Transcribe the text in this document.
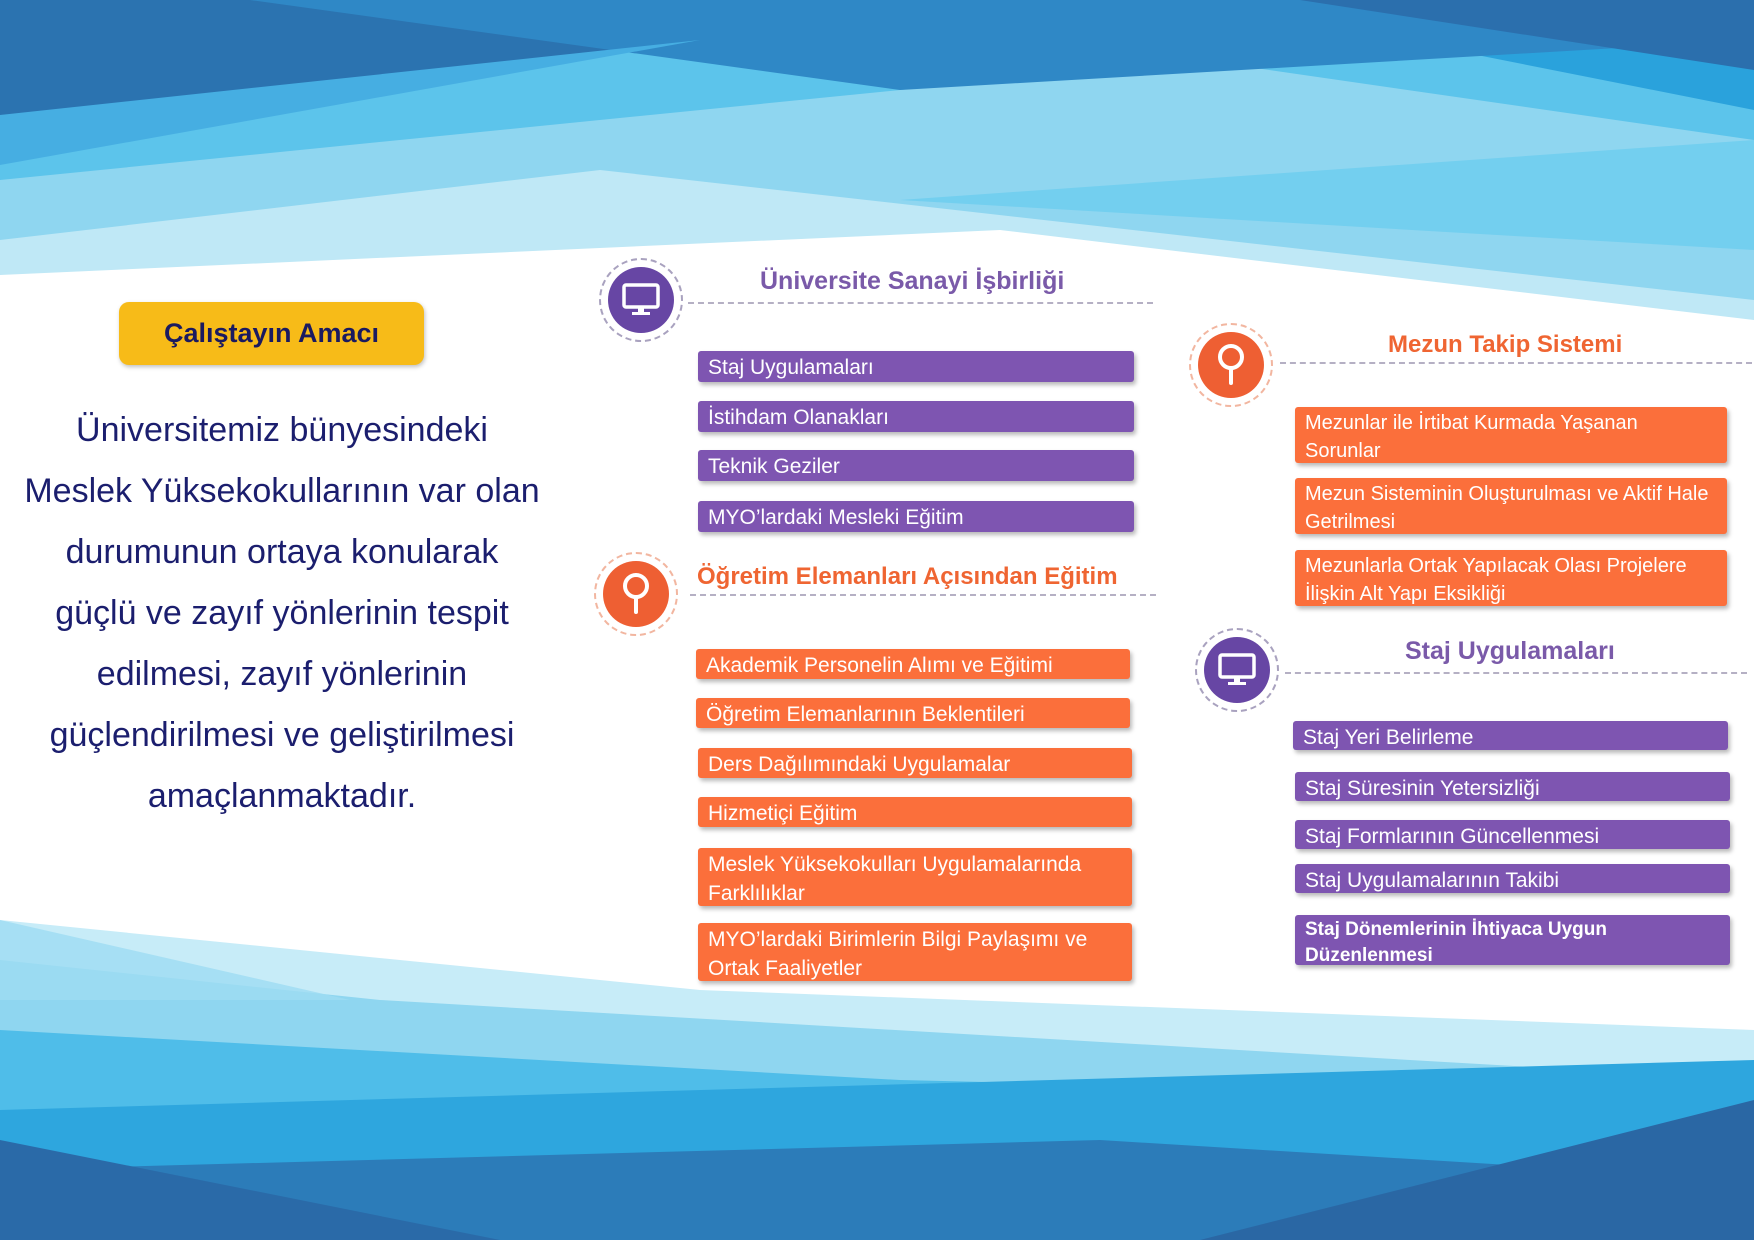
Çalıştayın Amacı
Üniversitemiz bünyesindeki Meslek Yüksekokullarının var olan durumunun ortaya konularak güçlü ve zayıf yönlerinin tespit edilmesi, zayıf yönlerinin güçlendirilmesi ve geliştirilmesi amaçlanmaktadır.
Üniversite Sanayi İşbirliği
Staj Uygulamaları
İstihdam Olanakları
Teknik Geziler
MYO’lardaki Mesleki Eğitim
Öğretim Elemanları Açısından Eğitim
Akademik Personelin Alımı ve Eğitimi
Öğretim Elemanlarının Beklentileri
Ders Dağılımındaki Uygulamalar
Hizmetiçi Eğitim
Meslek Yüksekokulları Uygulamalarında Farklılıklar
MYO’lardaki Birimlerin Bilgi Paylaşımı ve Ortak Faaliyetler
Mezun Takip Sistemi
Mezunlar ile İrtibat Kurmada Yaşanan Sorunlar
Mezun Sisteminin Oluşturulması ve Aktif Hale Getrilmesi
Mezunlarla Ortak Yapılacak Olası Projelere İlişkin Alt Yapı Eksikliği
Staj Uygulamaları
Staj Yeri Belirleme
Staj Süresinin Yetersizliği
Staj Formlarının Güncellenmesi
Staj Uygulamalarının Takibi
Staj Dönemlerinin İhtiyaca Uygun Düzenlenmesi
